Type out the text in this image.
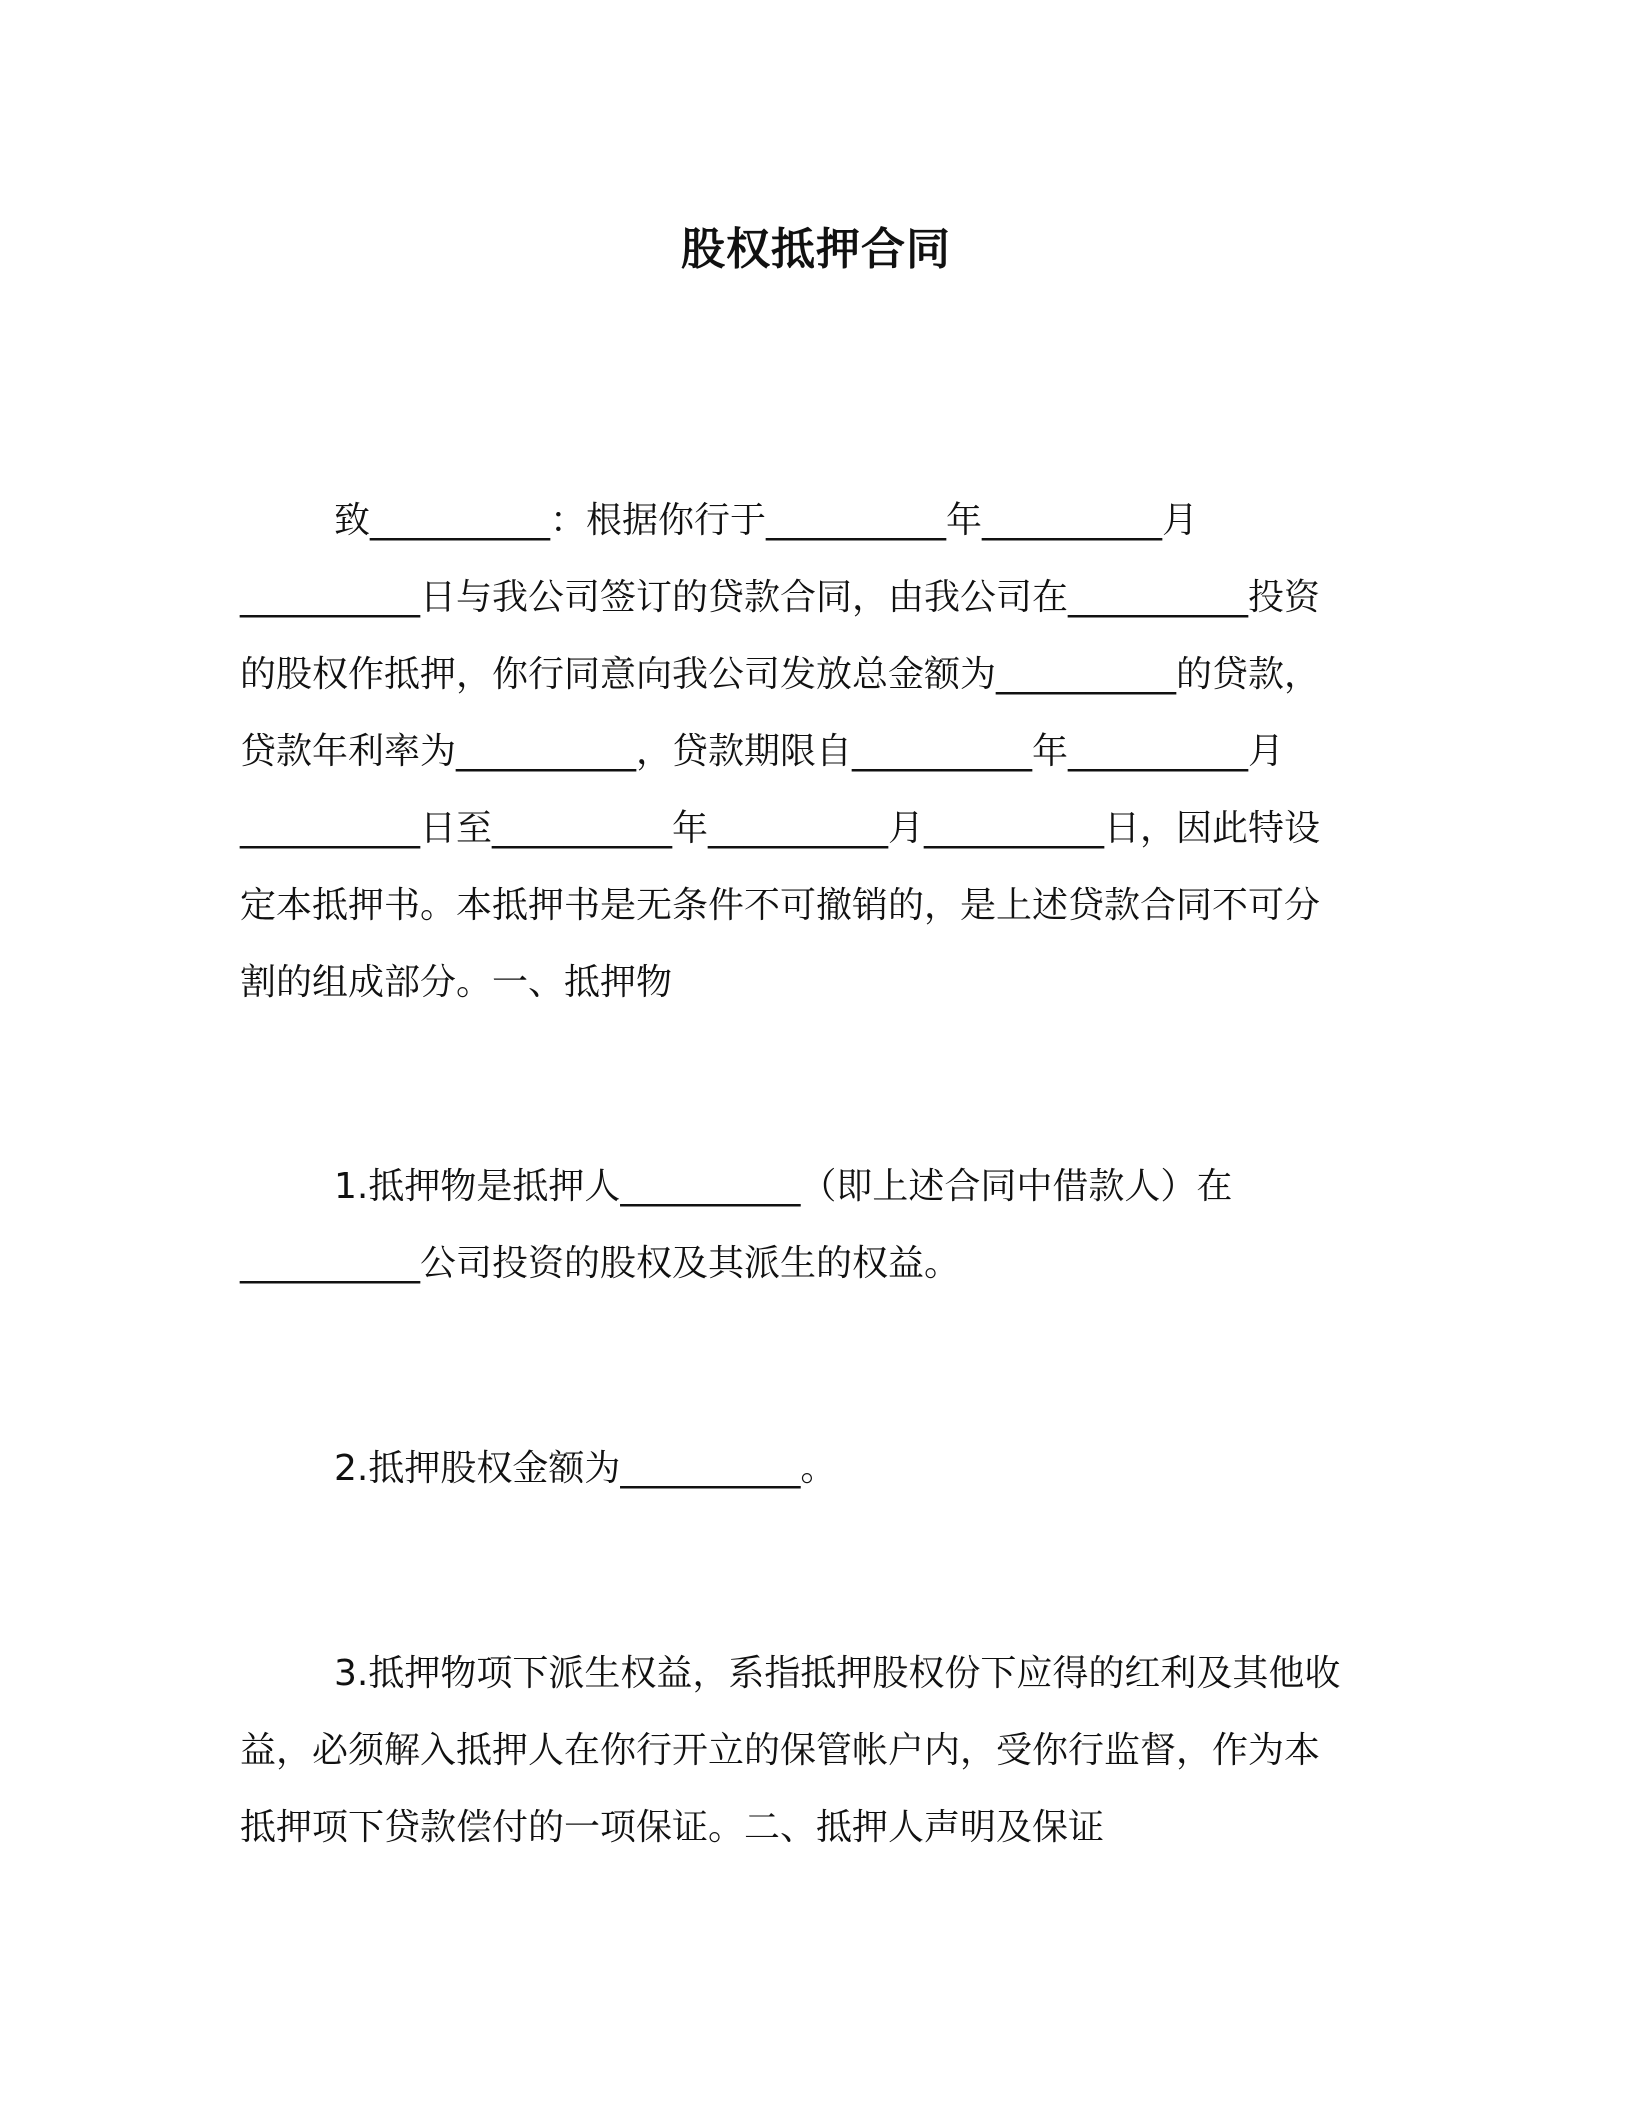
股权抵押合同
致__________：根据你行于__________年__________月
__________日与我公司签订的贷款合同，由我公司在__________投资
的股权作抵押，你行同意向我公司发放总金额为__________的贷款，
贷款年利率为__________，贷款期限自__________年__________月
__________日至__________年__________月__________日，因此特设
定本抵押书。本抵押书是无条件不可撤销的，是上述贷款合同不可分
割的组成部分。一、抵押物
1.抵押物是抵押人__________（即上述合同中借款人）在
__________公司投资的股权及其派生的权益。
2.抵押股权金额为__________。
3.抵押物项下派生权益，系指抵押股权份下应得的红利及其他收
益，必须解入抵押人在你行开立的保管帐户内，受你行监督，作为本
抵押项下贷款偿付的一项保证。二、抵押人声明及保证
